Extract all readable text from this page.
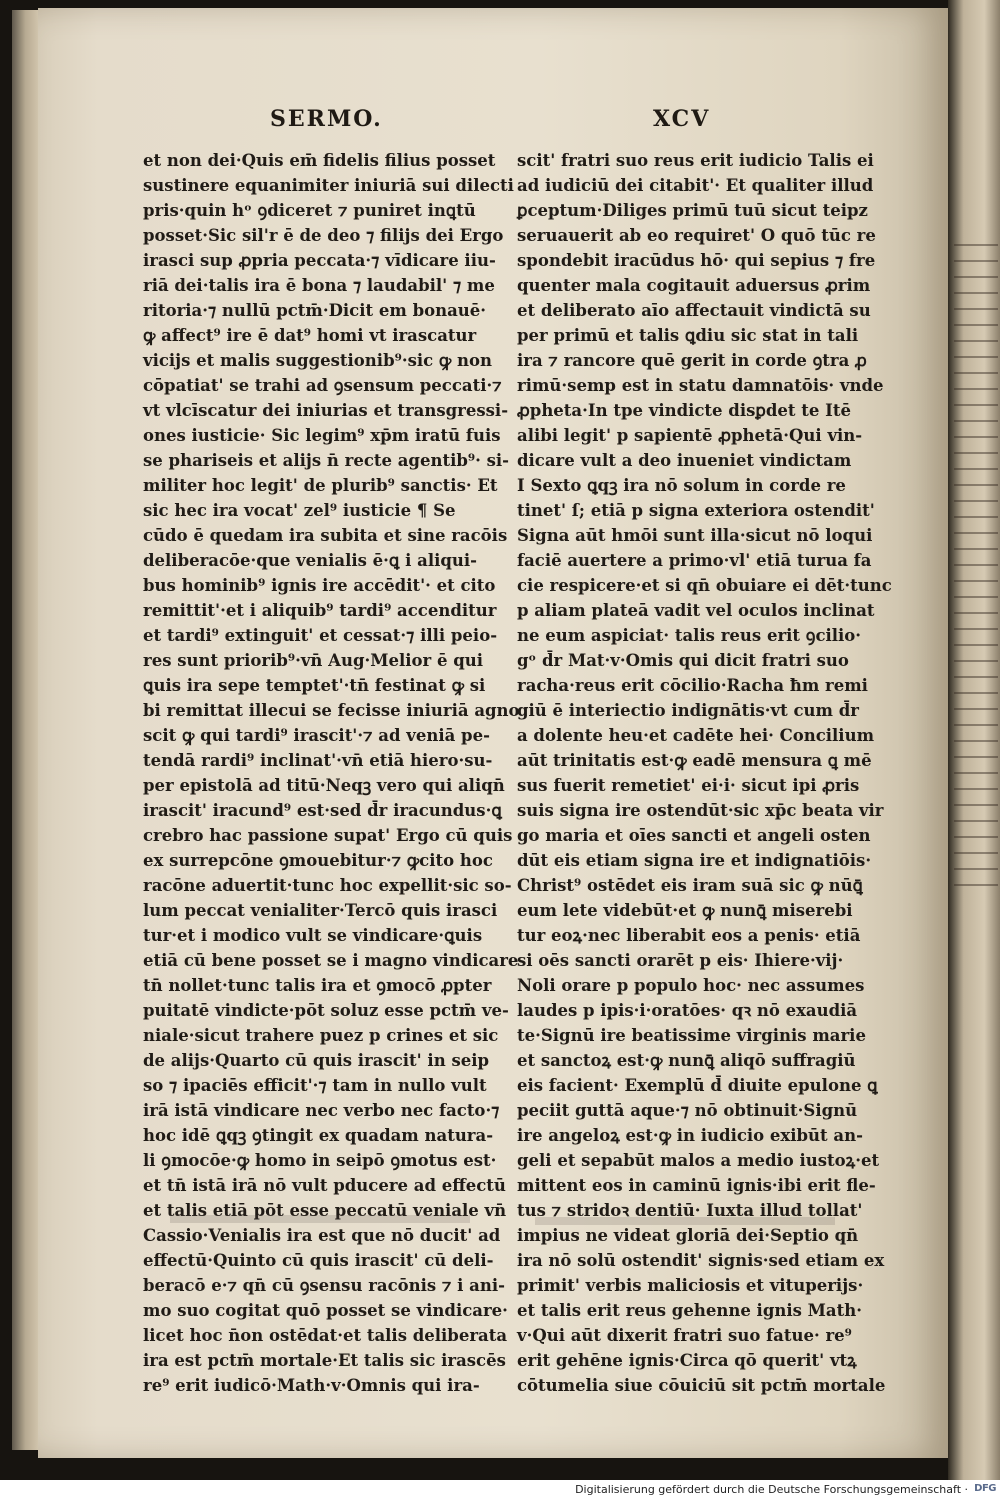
SERMO.	XCV
et non dei·Quis em̄ fidelis filius posset
sustinere equanimiter iniuriā sui dilecti
pris·quin hᵒ ꝯdiceret ⁊ puniret inꝗtū
posset·Sic sil'r ē de deo ⁊ filijs dei Ergo
irasci sup ꝓpria peccata·⁊ vīdicare iiu-
riā dei·talis ira ē bona ⁊ laudabil' ⁊ me
ritoria·⁊ nullū pctm̄·Dicit em bonauē·
ꝙ affect⁹ ire ē dat⁹ homi vt irascatur
vicijs et malis suggestionib⁹·sic ꝙ non
cōpatiat' se trahi ad ꝯsensum peccati·⁊
vt vlcīscatur dei iniurias et transgressi-
ones iusticie· Sic legim⁹ xp̄m iratū fuis
se phariseis et alijs n̄ recte agentib⁹· si-
militer hoc legit' de plurib⁹ sanctis· Et
sic hec ira vocat' zel⁹ iusticie ¶ Se
cūdo ē quedam ira subita et sine racōis
deliberacōe·que venialis ē·ꝗ i aliqui-
bus hominib⁹ ignis ire accēdit'· et cito
remittit'·et i aliquib⁹ tardi⁹ accenditur
et tardi⁹ extinguit' et cessat·⁊ illi peio-
res sunt priorib⁹·vn̄ Aug·Melior ē qui
ꝗuis ira sepe temptet'·tn̄ festinat ꝙ si
bi remittat illecui se fecisse iniuriā agno
scit ꝙ qui tardi⁹ irascit'·⁊ ad veniā pe-
tendā rardi⁹ inclinat'·vn̄ etiā hiero·su-
per epistolā ad titū·Neqꝫ vero qui aliqn̄
irascit' iracund⁹ est·sed d̄r iracundus·ꝗ
crebro hac passione supat' Ergo cū quis
ex surrepcōne ꝯmouebitur·⁊ ꝙcito hoc
racōne aduertit·tunc hoc expellit·sic so-
lum peccat venialiter·Tercō quis irasci
tur·et i modico vult se vindicare·ꝗuis
etiā cū bene posset se i magno vindicare
tn̄ nollet·tunc talis ira et ꝯmocō ꝓpter
puitatē vindicte·pōt soluz esse pctm̄ ve-
niale·sicut trahere puez p crines et sic
de alijs·Quarto cū quis irascit' in seip
so ⁊ ipaciēs efficit'·⁊ tam in nullo vult
irā istā vindicare nec verbo nec facto·⁊
hoc idē ꝗqꝫ ꝯtingit ex quadam natura-
li ꝯmocōe·ꝙ homo in seipō ꝯmotus est·
et tn̄ istā irā nō vult pducere ad effectū
et talis etiā pōt esse peccatū veniale vn̄
Cassio·Venialis ira est que nō ducit' ad
effectū·Quinto cū quis irascit' cū deli-
beracō e·⁊ qn̄ cū ꝯsensu racōnis ⁊ i ani-
mo suo cogitat quō posset se vindicare·
licet hoc n̄on ostēdat·et talis deliberata
ira est pctm̄ mortale·Et talis sic irascēs
re⁹ erit iudicō·Math·v·Omnis qui ira-
scit' fratri suo reus erit iudicio Talis ei
ad iudiciū dei citabit'· Et qualiter illud
ꝑceptum·Diliges primū tuū sicut teipz
seruauerit ab eo requiret' O quō tūc re
spondebit iracūdus hō· qui sepius ⁊ fre
quenter mala cogitauit aduersus ꝓrim
et deliberato aīo affectauit vindictā su
per primū et talis ꝗdiu sic stat in tali
ira ⁊ rancore quē gerit in corde ꝯtra ꝓ
rimū·semp est in statu damnatōis· vnde
ꝓpheta·In tpe vindicte disꝑdet te Itē
alibi legit' p sapientē ꝓphetā·Qui vin-
dicare vult a deo inueniet vindictam
I Sexto ꝗqꝫ ira nō solum in corde re
tinet' ſ; etiā p signa exteriora ostendit'
Signa aūt hmōi sunt illa·sicut nō loqui
faciē auertere a primo·vl' etiā turua fa
cie respicere·et si qn̄ obuiare ei dēt·tunc
p aliam plateā vadit vel oculos inclinat
ne eum aspiciat· talis reus erit ꝯcilio·
gᵒ d̄r Mat·v·Omis qui dicit fratri suo
racha·reus erit cōcilio·Racha ħm remi
giū ē interiectio indignātis·vt cum d̄r
a dolente heu·et cadēte hei· Concilium
aūt trinitatis est·ꝙ eadē mensura ꝗ mē
sus fuerit remetiet' ei·i· sicut ipi ꝓris
suis signa ire ostendūt·sic xp̄c beata vir
go maria et oīes sancti et angeli osten
dūt eis etiam signa ire et indignatiōis·
Christ⁹ ostēdet eis iram suā sic ꝙ nūꝗ̄
eum lete videbūt·et ꝙ nunꝗ̄ miserebi
tur eoꝝ·nec liberabit eos a penis· etiā
si oēs sancti orarēt p eis· Ihiere·vij·
Noli orare p populo hoc· nec assumes
laudes p ipis·i·oratōes· qꝛ nō exaudiā
te·Signū ire beatissime virginis marie
et sanctoꝝ est·ꝙ nunꝗ̄ aliqō suffragiū
eis facient· Exemplū d̄ diuite epulone ꝗ
peciit guttā aque·⁊ nō obtinuit·Signū
ire angeloꝝ est·ꝙ in iudicio exibūt an-
geli et sepabūt malos a medio iustoꝝ·et
mittent eos in caminū ignis·ibi erit fle-
tus ⁊ stridoꝛ dentiū· Iuxta illud tollat'
impius ne videat gloriā dei·Septio qn̄
ira nō solū ostendit' signis·sed etiam ex
primit' verbis maliciosis et vituperijs·
et talis erit reus gehenne ignis Math·
v·Qui aūt dixerit fratri suo fatue· re⁹
erit gehēne ignis·Circa qō querit' vtꝝ
cōtumelia siue cōuiciū sit pctm̄ mortale
Digitalisierung gefördert durch die Deutsche Forschungsgemeinschaft · DFG
